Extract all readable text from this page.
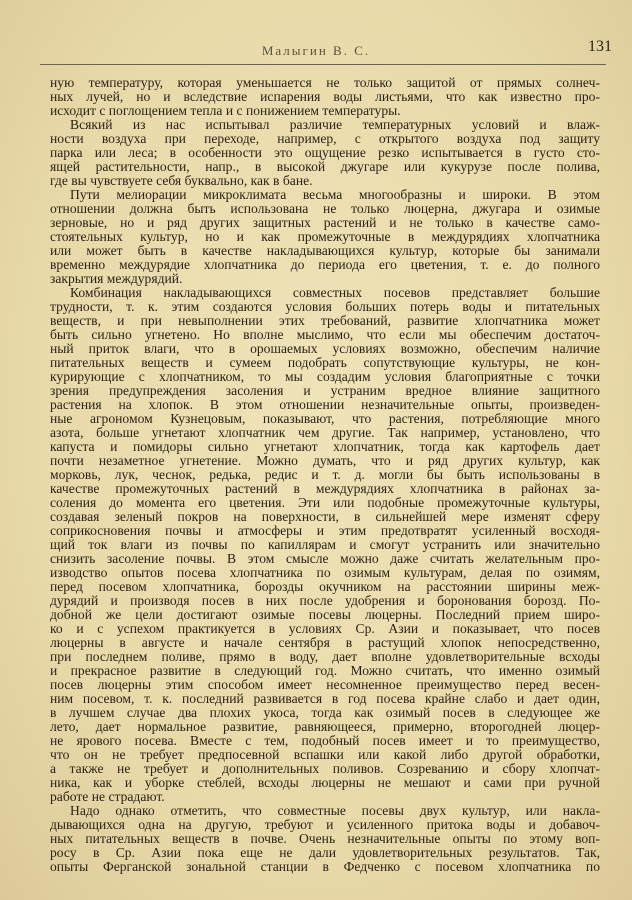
Малыгин В. С.	131
ную температуру, которая уменьшается не только защитой от прямых солнеч-
ных лучей, но и вследствие испарения воды листьями, что как известно про-
исходит с поглощением тепла и с понижением температуры.
Всякий из нас испытывал различие температурных условий и влаж-
ности воздуха при переходе, например, с открытого воздуха под защиту
парка или леса; в особенности это ощущение резко испытывается в густо сто-
ящей растительности, напр., в высокой джугаре или кукурузе после полива,
где вы чувствуете себя буквально, как в бане.
Пути мелиорации микроклимата весьма многообразны и широки. В этом
отношении должна быть использована не только люцерна, джугара и озимые
зерновые, но и ряд других защитных растений и не только в качестве само-
стоятельных культур, но и как промежуточные в междурядиях хлопчатника
или может быть в качестве накладывающихся культур, которые бы занимали
временно междурядие хлопчатника до периода его цветения, т. е. до полного
закрытия междурядий.
Комбинация накладывающихся совместных посевов представляет большие
трудности, т. к. этим создаются условия больших потерь воды и питательных
веществ, и при невыполнении этих требований, развитие хлопчатника может
быть сильно угнетено. Но вполне мыслимо, что если мы обеспечим достаточ-
ный приток влаги, что в орошаемых условиях возможно, обеспечим наличие
питательных веществ и сумеем подобрать сопутствующие культуры, не кон-
курирующие с хлопчатником, то мы создадим условия благоприятные с точки
зрения предупреждения засоления и устраним вредное влияние защитного
растения на хлопок. В этом отношении незначительные опыты, произведен-
ные агрономом Кузнецовым, показывают, что растения, потребляющие много
азота, больше угнетают хлопчатник чем другие. Так например, установлено, что
капуста и помидоры сильно угнетают хлопчатник, тогда как картофель дает
почти незаметное угнетение. Можно думать, что и ряд других культур, как
морковь, лук, чеснок, редька, редис и т. д. могли бы быть использованы в
качестве промежуточных растений в междурядиях хлопчатника в районах за-
соления до момента его цветения. Эти или подобные промежуточные культуры,
создавая зеленый покров на поверхности, в сильнейшей мере изменят сферу
соприкосновения почвы и атмосферы и этим предотвратят усиленный восходя-
щий ток влаги из почвы по капиллярам и смогут устранить или значительно
снизить засоление почвы. В этом смысле можно даже считать желательным про-
изводство опытов посева хлопчатника по озимым культурам, делая по озимям,
перед посевом хлопчатника, борозды окучником на расстоянии ширины меж-
дурядий и производя посев в них после удобрения и боронования борозд. По-
добной же цели достигают озимые посевы люцерны. Последний прием широ-
ко и с успехом практикуется в условиях Ср. Азии и показывает, что посев
люцерны в августе и начале сентября в растущий хлопок непосредственно,
при последнем поливе, прямо в воду, дает вполне удовлетворительные всходы
и прекрасное развитие в следующий год. Можно считать, что именно озимый
посев люцерны этим способом имеет несомненное преимущество перед весен-
ним посевом, т. к. последний развивается в год посева крайне слабо и дает один,
в лучшем случае два плохих укоса, тогда как озимый посев в следующее же
лето, дает нормальное развитие, равняющееся, примерно, второгодней люцер-
не ярового посева. Вместе с тем, подобный посев имеет и то преимущество,
что он не требует предпосевной вспашки или какой либо другой обработки,
а также не требует и дополнительных поливов. Созреванию и сбору хлопчат-
ника, как и уборке стеблей, всходы люцерны не мешают и сами при ручной
работе не страдают.
Надо однако отметить, что совместные посевы двух культур, или накла-
дывающихся одна на другую, требуют и усиленного притока воды и добавоч-
ных питательных веществ в почве. Очень незначительные опыты по этому воп-
росу в Ср. Азии пока еще не дали удовлетворительных результатов. Так,
опыты Ферганской зональной станции в Федченко с посевом хлопчатника по
